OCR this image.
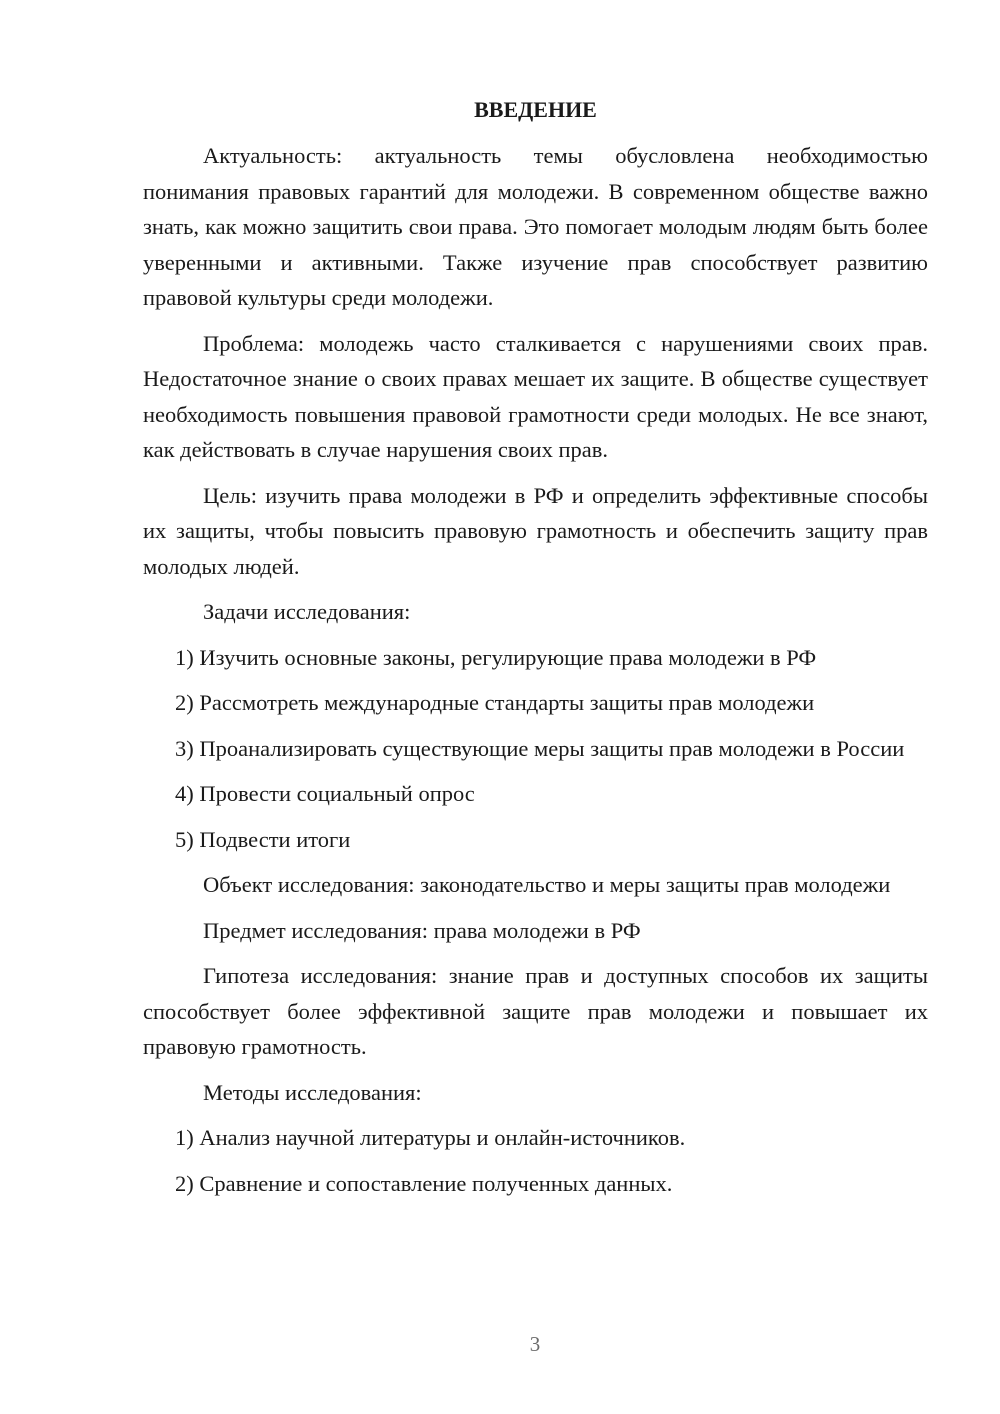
ВВЕДЕНИЕ

Актуальность: актуальность темы обусловлена необходимостью понимания правовых гарантий для молодежи. В современном обществе важно знать, как можно защитить свои права. Это помогает молодым людям быть более уверенными и активными. Также изучение прав способствует развитию правовой культуры среди молодежи.

Проблема: молодежь часто сталкивается с нарушениями своих прав. Недостаточное знание о своих правах мешает их защите. В обществе существует необходимость повышения правовой грамотности среди молодых. Не все знают, как действовать в случае нарушения своих прав.

Цель: изучить права молодежи в РФ и определить эффективные способы их защиты, чтобы повысить правовую грамотность и обеспечить защиту прав молодых людей.

Задачи исследования:

1) Изучить основные законы, регулирующие права молодежи в РФ

2) Рассмотреть международные стандарты защиты прав молодежи

3) Проанализировать существующие меры защиты прав молодежи в России

4) Провести социальный опрос

5) Подвести итоги

Объект исследования: законодательство и меры защиты прав молодежи

Предмет исследования: права молодежи в РФ

Гипотеза исследования: знание прав и доступных способов их защиты способствует более эффективной защите прав молодежи и повышает их правовую грамотность.

Методы исследования:

1) Анализ научной литературы и онлайн-источников.

2) Сравнение и сопоставление полученных данных.

3
